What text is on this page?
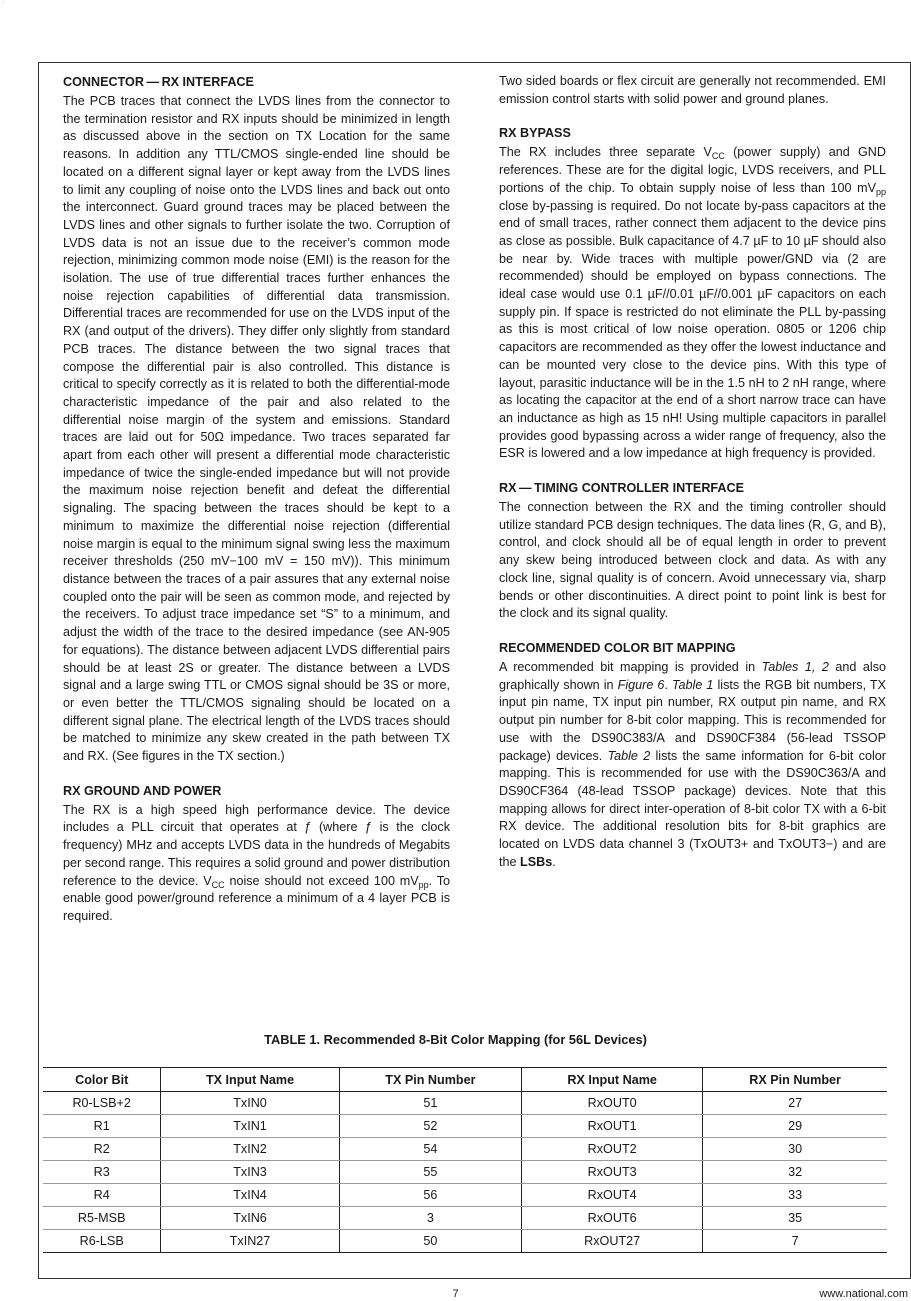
·
CONNECTOR — RX INTERFACE

The PCB traces that connect the LVDS lines from the connector to the termination resistor and RX inputs should be minimized in length as discussed above in the section on TX Location for the same reasons. In addition any TTL/CMOS single-ended line should be located on a different signal layer or kept away from the LVDS lines to limit any coupling of noise onto the LVDS lines and back out onto the interconnect. Guard ground traces may be placed between the LVDS lines and other signals to further isolate the two. Corruption of LVDS data is not an issue due to the receiver’s common mode rejection, minimizing common mode noise (EMI) is the reason for the isolation. The use of true differential traces further enhances the noise rejection capabilities of differential data transmission. Differential traces are recommended for use on the LVDS input of the RX (and output of the drivers). They differ only slightly from standard PCB traces. The distance between the two signal traces that compose the differential pair is also controlled. This distance is critical to specify correctly as it is related to both the differential-mode characteristic impedance of the pair and also related to the differential noise margin of the system and emissions. Standard traces are laid out for 50Ω impedance. Two traces separated far apart from each other will present a differential mode characteristic impedance of twice the single-ended impedance but will not provide the maximum noise rejection benefit and defeat the differential signaling. The spacing between the traces should be kept to a minimum to maximize the differential noise rejection (differential noise margin is equal to the minimum signal swing less the maximum receiver thresholds (250 mV−100 mV = 150 mV)). This minimum distance between the traces of a pair assures that any external noise coupled onto the pair will be seen as common mode, and rejected by the receivers. To adjust trace impedance set “S” to a minimum, and adjust the width of the trace to the desired impedance (see AN-905 for equations). The distance between adjacent LVDS differential pairs should be at least 2S or greater. The distance between a LVDS signal and a large swing TTL or CMOS signal should be 3S or more, or even better the TTL/CMOS signaling should be located on a different signal plane. The electrical length of the LVDS traces should be matched to minimize any skew created in the path between TX and RX. (See figures in the TX section.)

RX GROUND AND POWER

The RX is a high speed high performance device. The device includes a PLL circuit that operates at ƒ (where ƒ is the clock frequency) MHz and accepts LVDS data in the hundreds of Megabits per second range. This requires a solid ground and power distribution reference to the device. $V_{CC}$ noise should not exceed 100 $mV_{pp}$. To enable good power/ground reference a minimum of a 4 layer PCB is required.

Two sided boards or flex circuit are generally not recommended. EMI emission control starts with solid power and ground planes.

RX BYPASS

The RX includes three separate $V_{CC}$ (power supply) and GND references. These are for the digital logic, LVDS receivers, and PLL portions of the chip. To obtain supply noise of less than 100 $mV_{pp}$ close by-passing is required. Do not locate by-pass capacitors at the end of small traces, rather connect them adjacent to the device pins as close as possible. Bulk capacitance of 4.7 µF to 10 µF should also be near by. Wide traces with multiple power/GND via (2 are recommended) should be employed on bypass connections. The ideal case would use 0.1 µF//0.01 µF//0.001 µF capacitors on each supply pin. If space is restricted do not eliminate the PLL by-passing as this is most critical of low noise operation. 0805 or 1206 chip capacitors are recommended as they offer the lowest inductance and can be mounted very close to the device pins. With this type of layout, parasitic inductance will be in the 1.5 nH to 2 nH range, where as locating the capacitor at the end of a short narrow trace can have an inductance as high as 15 nH! Using multiple capacitors in parallel provides good bypassing across a wider range of frequency, also the ESR is lowered and a low impedance at high frequency is provided.

RX — TIMING CONTROLLER INTERFACE

The connection between the RX and the timing controller should utilize standard PCB design techniques. The data lines (R, G, and B), control, and clock should all be of equal length in order to prevent any skew being introduced between clock and data. As with any clock line, signal quality is of concern. Avoid unnecessary via, sharp bends or other discontinuities. A direct point to point link is best for the clock and its signal quality.

RECOMMENDED COLOR BIT MAPPING

A recommended bit mapping is provided in Tables 1, 2 and also graphically shown in Figure 6. Table 1 lists the RGB bit numbers, TX input pin name, TX input pin number, RX output pin name, and RX output pin number for 8-bit color mapping. This is recommended for use with the DS90C383/A and DS90CF384 (56-lead TSSOP package) devices. Table 2 lists the same information for 6-bit color mapping. This is recommended for use with the DS90C363/A and DS90CF364 (48-lead TSSOP package) devices. Note that this mapping allows for direct inter-operation of 8-bit color TX with a 6-bit RX device. The additional resolution bits for 8-bit graphics are located on LVDS data channel 3 (TxOUT3+ and TxOUT3−) and are the LSBs.

TABLE 1. Recommended 8-Bit Color Mapping (for 56L Devices)
Color Bit	TX Input Name	TX Pin Number	RX Input Name	RX Pin Number
R0-LSB+2	TxIN0	51	RxOUT0	27
R1	TxIN1	52	RxOUT1	29
R2	TxIN2	54	RxOUT2	30
R3	TxIN3	55	RxOUT3	32
R4	TxIN4	56	RxOUT4	33
R5-MSB	TxIN6	3	RxOUT6	35
R6-LSB	TxIN27	50	RxOUT27	7
7	www.national.com
